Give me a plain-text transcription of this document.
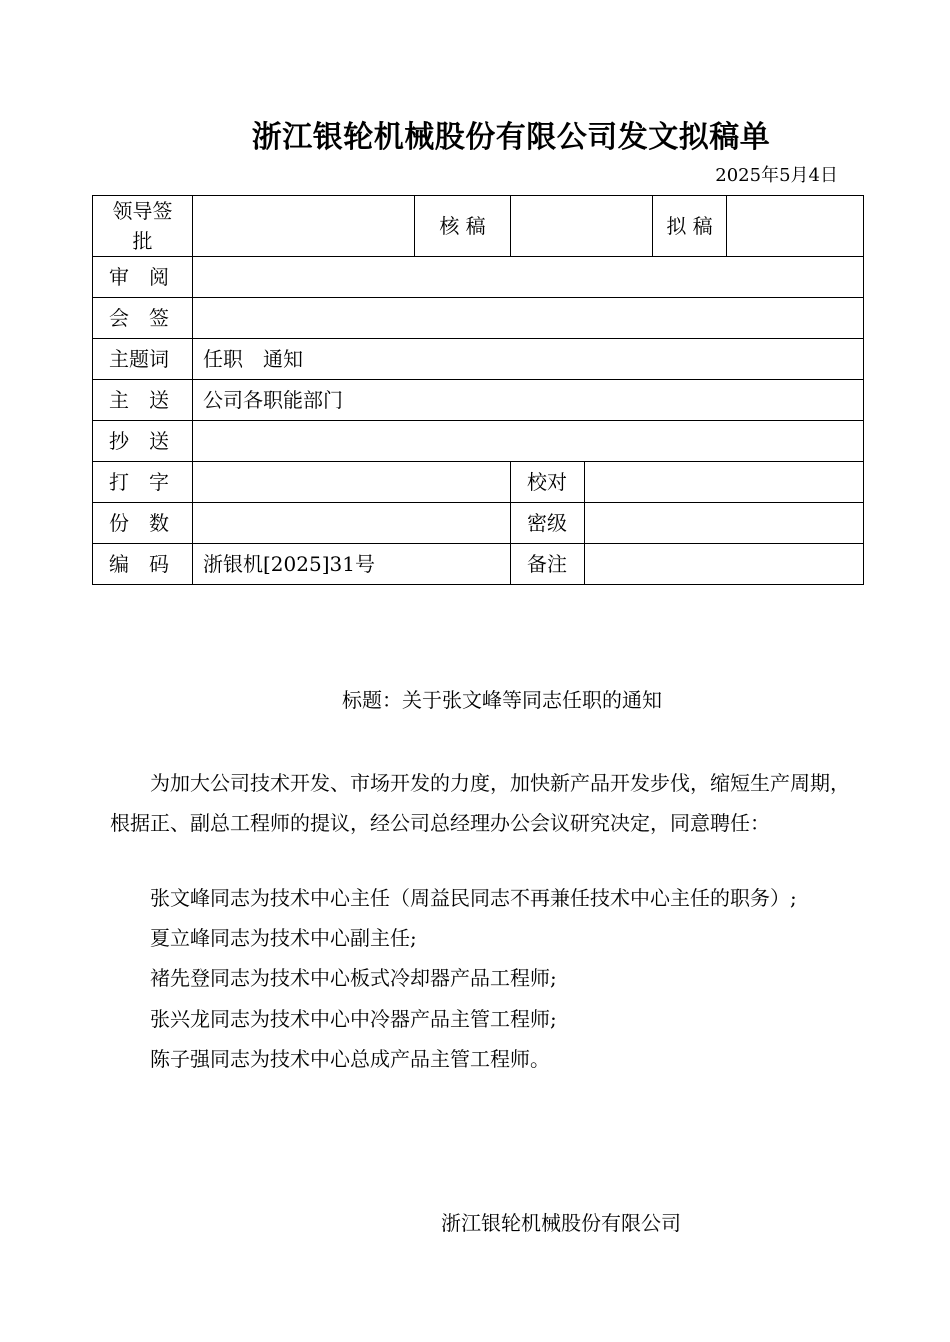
浙江银轮机械股份有限公司发文拟稿单
2025年5月4日
领导签批		核 稿			拟 稿	
审　阅						
会　签						
主题词	任职　通知					
主　送	公司各职能部门					
抄　送						
打　字			校对			
份　数			密级			
编　码	浙银机[2025]31号		备注			
标题：关于张文峰等同志任职的通知
为加大公司技术开发、市场开发的力度，加快新产品开发步伐，缩短生产周期，根据正、副总工程师的提议，经公司总经理办公会议研究决定，同意聘任：
张文峰同志为技术中心主任（周益民同志不再兼任技术中心主任的职务）;
夏立峰同志为技术中心副主任;
褚先登同志为技术中心板式冷却器产品工程师;
张兴龙同志为技术中心中冷器产品主管工程师;
陈子强同志为技术中心总成产品主管工程师。
浙江银轮机械股份有限公司
